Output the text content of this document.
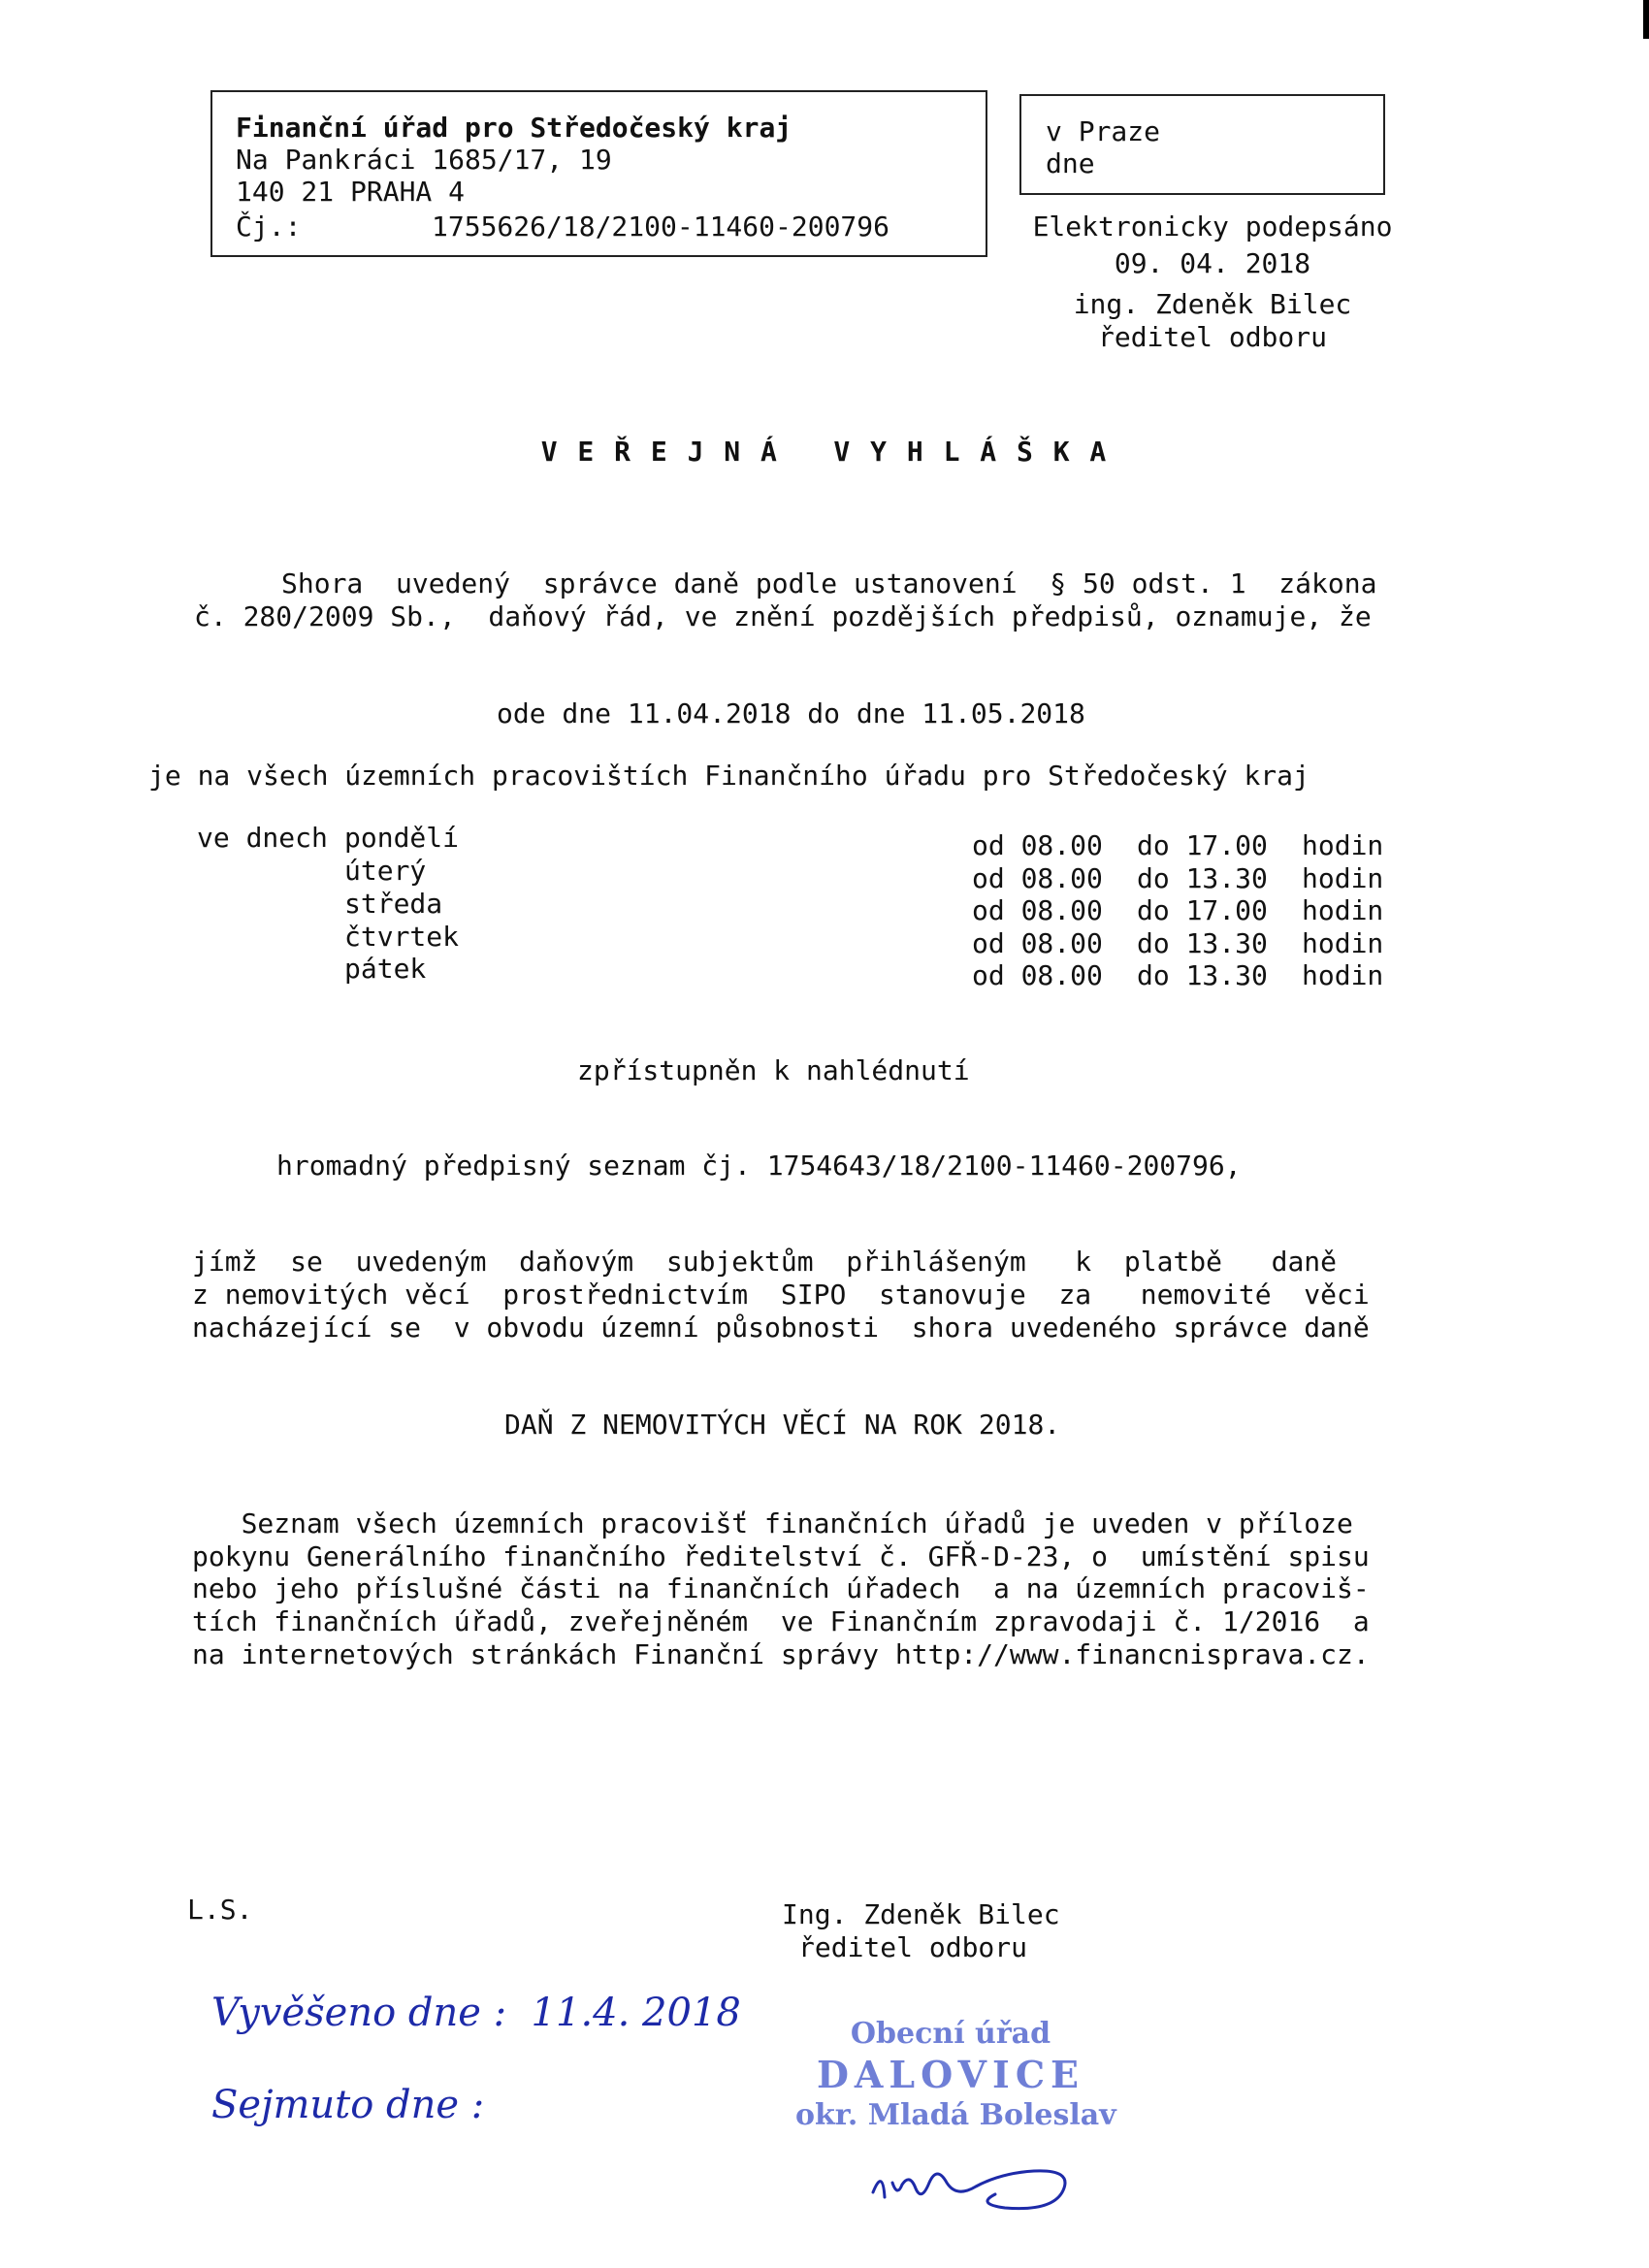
Finanční úřad pro Středočeský kraj
Na Pankráci 1685/17, 19
140 21 PRAHA 4
Čj.:	1755626/18/2100-11460-200796
v Praze
dne
Elektronicky podepsáno
09. 04. 2018
ing. Zdeněk Bilec
ředitel odboru
V E Ř E J N Á   V Y H L Á Š K A
Shora  uvedený  správce daně podle ustanovení  § 50 odst. 1  zákona
č. 280/2009 Sb.,  daňový řád, ve znění pozdějších předpisů, oznamuje, že
ode dne 11.04.2018 do dne 11.05.2018
je na všech územních pracovištích Finančního úřadu pro Středočeský kraj
ve dnech pondělí	od 08.00 do 17.00 hodin
úterý	od 08.00 do 13.30 hodin
středa	od 08.00 do 17.00 hodin
čtvrtek	od 08.00 do 13.30 hodin
pátek	od 08.00 do 13.30 hodin
zpřístupněn k nahlédnutí
hromadný předpisný seznam čj. 1754643/18/2100-11460-200796,
jímž  se  uvedeným  daňovým  subjektům  přihlášeným   k  platbě   daně
z nemovitých věcí  prostřednictvím  SIPO  stanovuje  za   nemovité  věci
nacházející se  v obvodu územní působnosti  shora uvedeného správce daně
DAŇ Z NEMOVITÝCH VĚCÍ NA ROK 2018.
Seznam všech územních pracovišť finančních úřadů je uveden v příloze
pokynu Generálního finančního ředitelství č. GFŘ-D-23, o  umístění spisu
nebo jeho příslušné části na finančních úřadech  a na územních pracoviš-
tích finančních úřadů, zveřejněném  ve Finančním zpravodaji č. 1/2016  a
na internetových stránkách Finanční správy http://www.financnisprava.cz.
L.S.	Ing. Zdeněk Bilec
ředitel odboru
Vyvěšeno dne :  11.4. 2018
Sejmuto dne :
Obecní úřad
DALOVICE
okr. Mladá Boleslav
